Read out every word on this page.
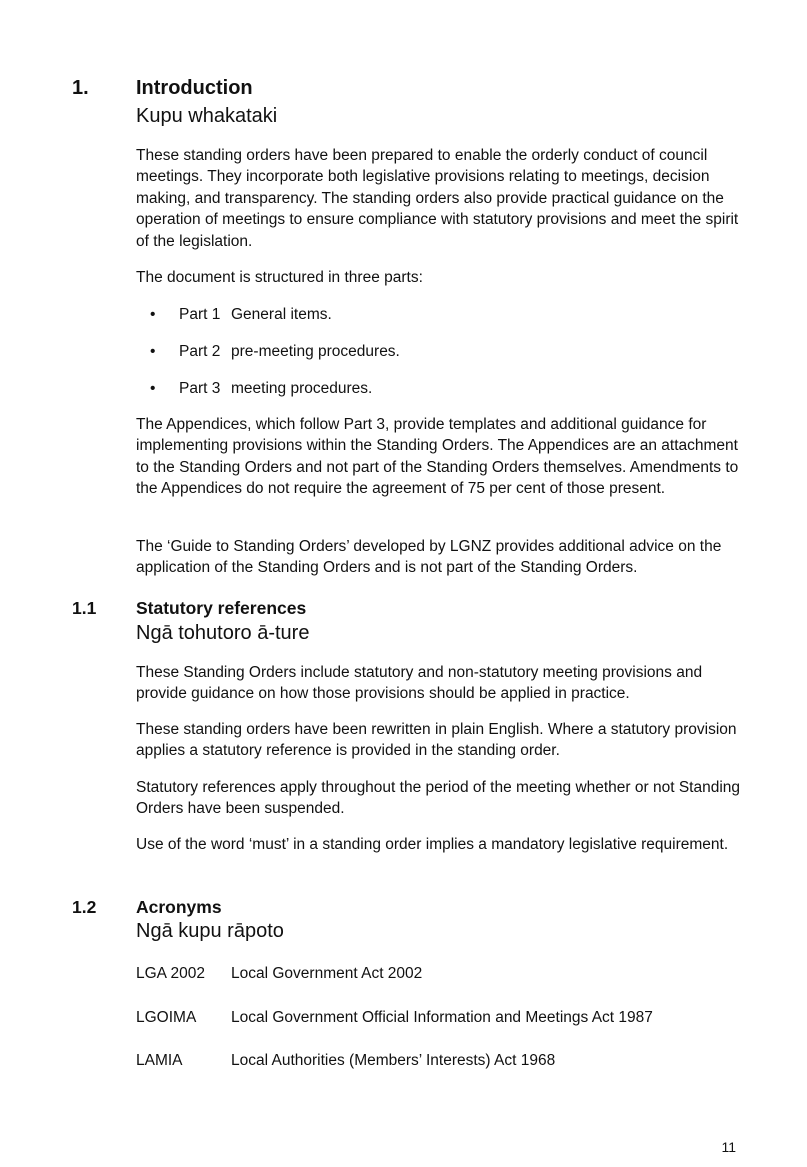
1. Introduction
Kupu whakataki

These standing orders have been prepared to enable the orderly conduct of council meetings. They incorporate both legislative provisions relating to meetings, decision making, and transparency. The standing orders also provide practical guidance on the operation of meetings to ensure compliance with statutory provisions and meet the spirit of the legislation.

The document is structured in three parts:

•	Part 1 General items.
•	Part 2 pre-meeting procedures.
•	Part 3 meeting procedures.

The Appendices, which follow Part 3, provide templates and additional guidance for implementing provisions within the Standing Orders. The Appendices are an attachment to the Standing Orders and not part of the Standing Orders themselves. Amendments to the Appendices do not require the agreement of 75 per cent of those present.

The ‘Guide to Standing Orders’ developed by LGNZ provides additional advice on the application of the Standing Orders and is not part of the Standing Orders.

1.1 Statutory references
Ngā tohutoro ā-ture

These Standing Orders include statutory and non-statutory meeting provisions and provide guidance on how those provisions should be applied in practice.

These standing orders have been rewritten in plain English. Where a statutory provision applies a statutory reference is provided in the standing order.

Statutory references apply throughout the period of the meeting whether or not Standing Orders have been suspended.

Use of the word ‘must’ in a standing order implies a mandatory legislative requirement.

1.2 Acronyms
Ngā kupu rāpoto
LGA 2002 Local Government Act 2002
LGOIMA Local Government Official Information and Meetings Act 1987
LAMIA	Local Authorities (Members’ Interests) Act 1968
11
